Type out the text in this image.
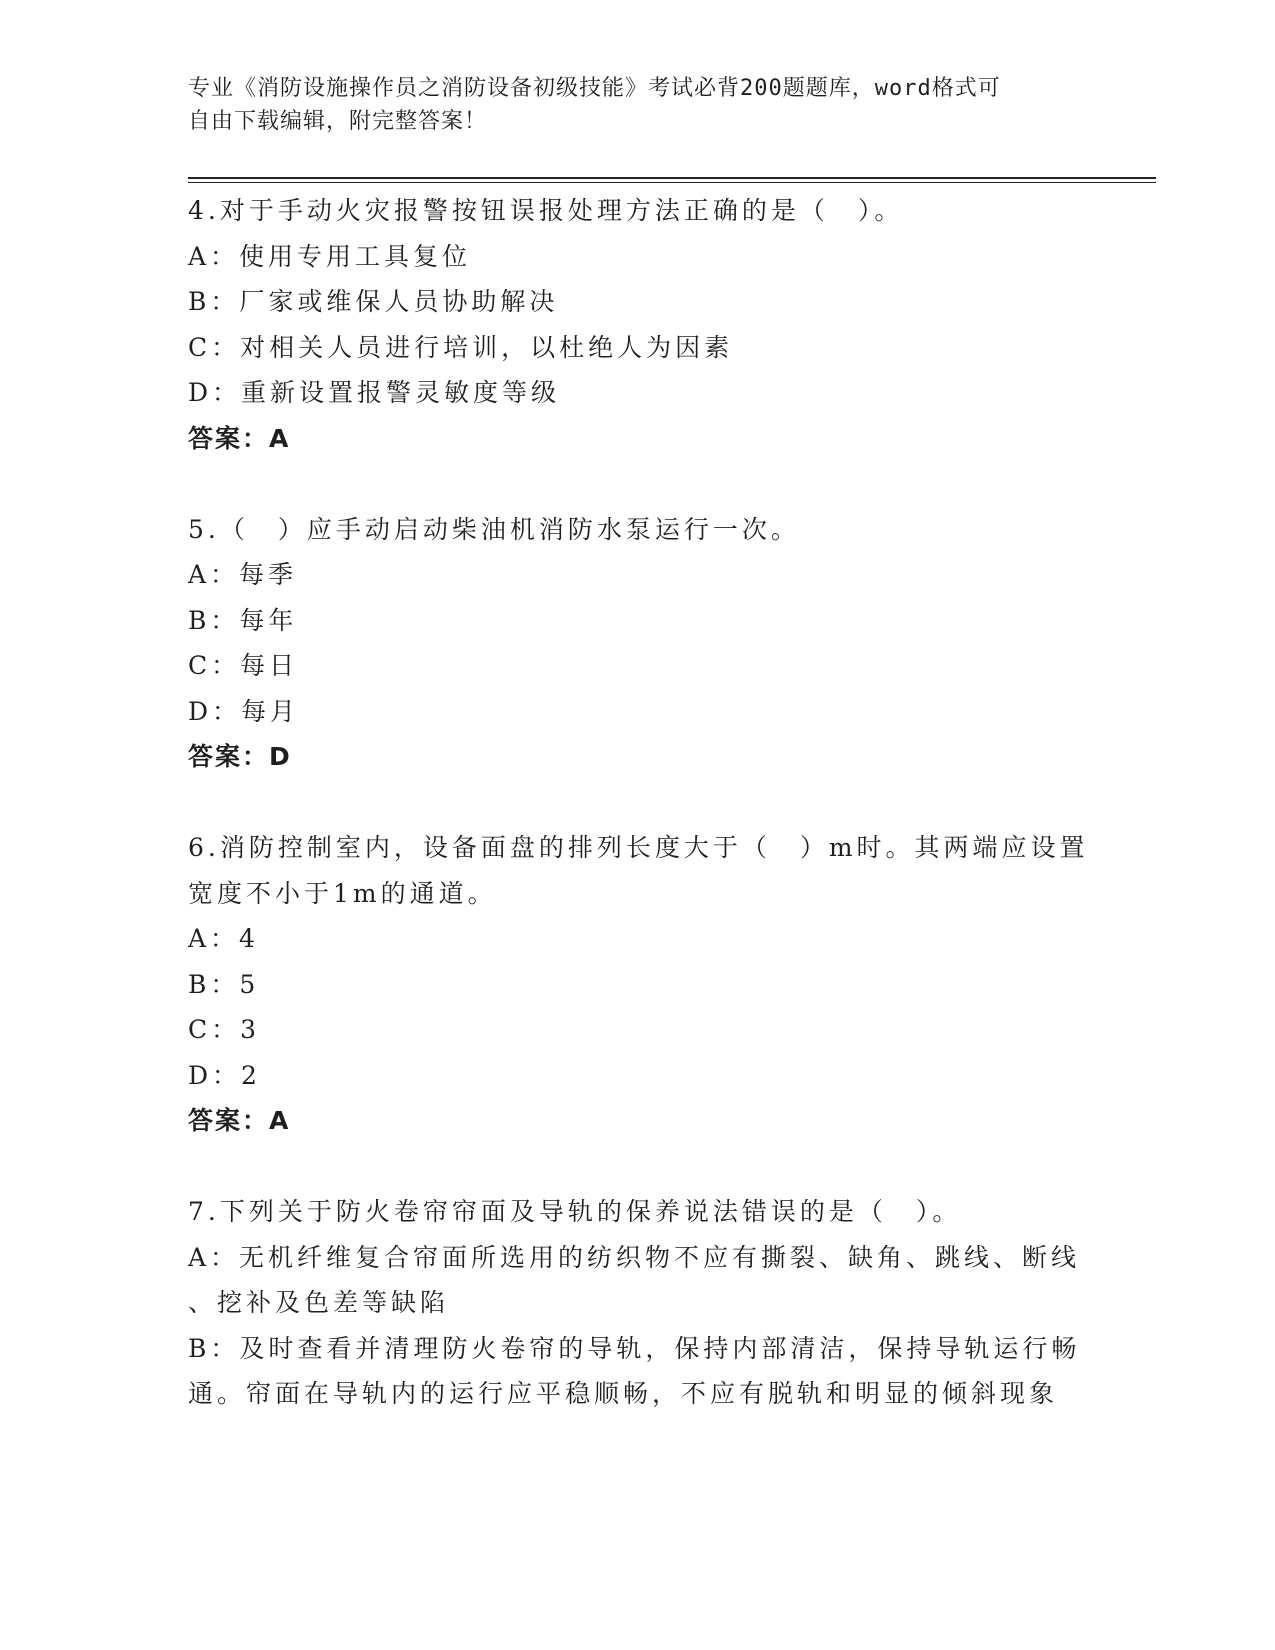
专业《消防设施操作员之消防设备初级技能》考试必背200题题库，word格式可
自由下载编辑，附完整答案！
4.对于手动火灾报警按钮误报处理方法正确的是（　）。
A：使用专用工具复位
B：厂家或维保人员协助解决
C：对相关人员进行培训，以杜绝人为因素
D：重新设置报警灵敏度等级
答案：A
5.（　）应手动启动柴油机消防水泵运行一次。
A：每季
B：每年
C：每日
D：每月
答案：D
6.消防控制室内，设备面盘的排列长度大于（　）m时。其两端应设置
宽度不小于1m的通道。
A：4
B：5
C：3
D：2
答案：A
7.下列关于防火卷帘帘面及导轨的保养说法错误的是（　）。
A：无机纤维复合帘面所选用的纺织物不应有撕裂、缺角、跳线、断线
、挖补及色差等缺陷
B：及时查看并清理防火卷帘的导轨，保持内部清洁，保持导轨运行畅
通。帘面在导轨内的运行应平稳顺畅，不应有脱轨和明显的倾斜现象
